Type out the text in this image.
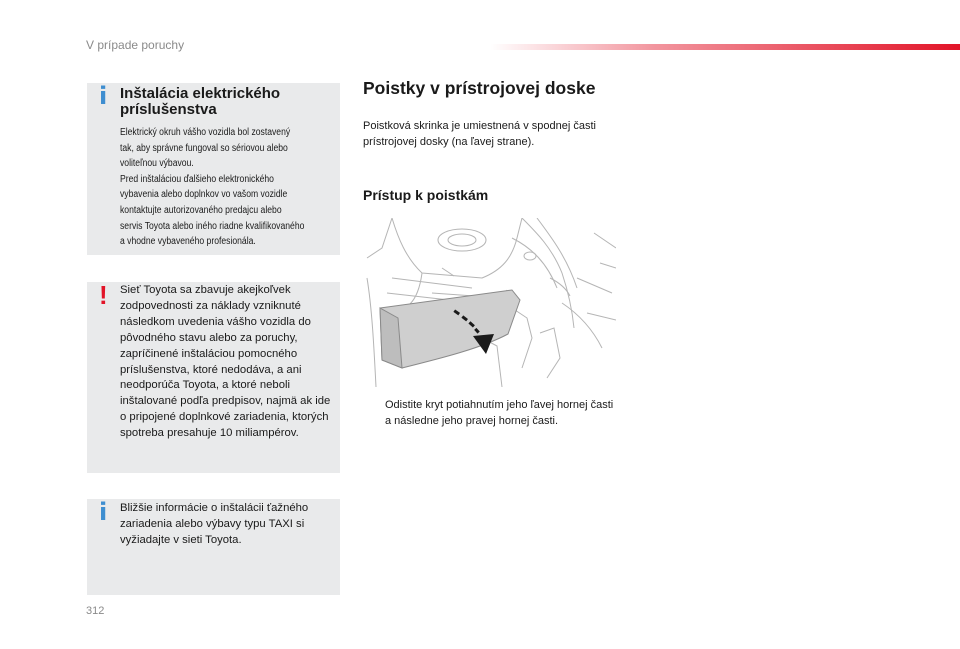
V prípade poruchy
i Inštalácia elektrického príslušenstva

Elektrický okruh vášho vozidla bol zostavený

tak, aby správne fungoval so sériovou alebo

voliteľnou výbavou.

Pred inštaláciou ďalšieho elektronického

vybavenia alebo doplnkov vo vašom vozidle

kontaktujte autorizovaného predajcu alebo

servis Toyota alebo iného riadne kvalifikovaného

a vhodne vybaveného profesionála.

! Sieť Toyota sa zbavuje akejkoľvek zodpovednosti za náklady vzniknuté následkom uvedenia vášho vozidla do pôvodného stavu alebo za poruchy, zapríčinené inštaláciou pomocného príslušenstva, ktoré nedodáva, a ani neodporúča Toyota, a ktoré neboli inštalované podľa predpisov, najmä ak ide o pripojené doplnkové zariadenia, ktorých spotreba presahuje 10 miliampérov.
i Bližšie informácie o inštalácii ťažného zariadenia alebo výbavy typu TAXI si vyžiadajte v sieti Toyota.
312
Poistky v prístrojovej doske
Poistková skrinka je umiestnená v spodnej časti prístrojovej dosky (na ľavej strane).
Prístup k poistkám
Odistite kryt potiahnutím jeho ľavej hornej časti a následne jeho pravej hornej časti.
